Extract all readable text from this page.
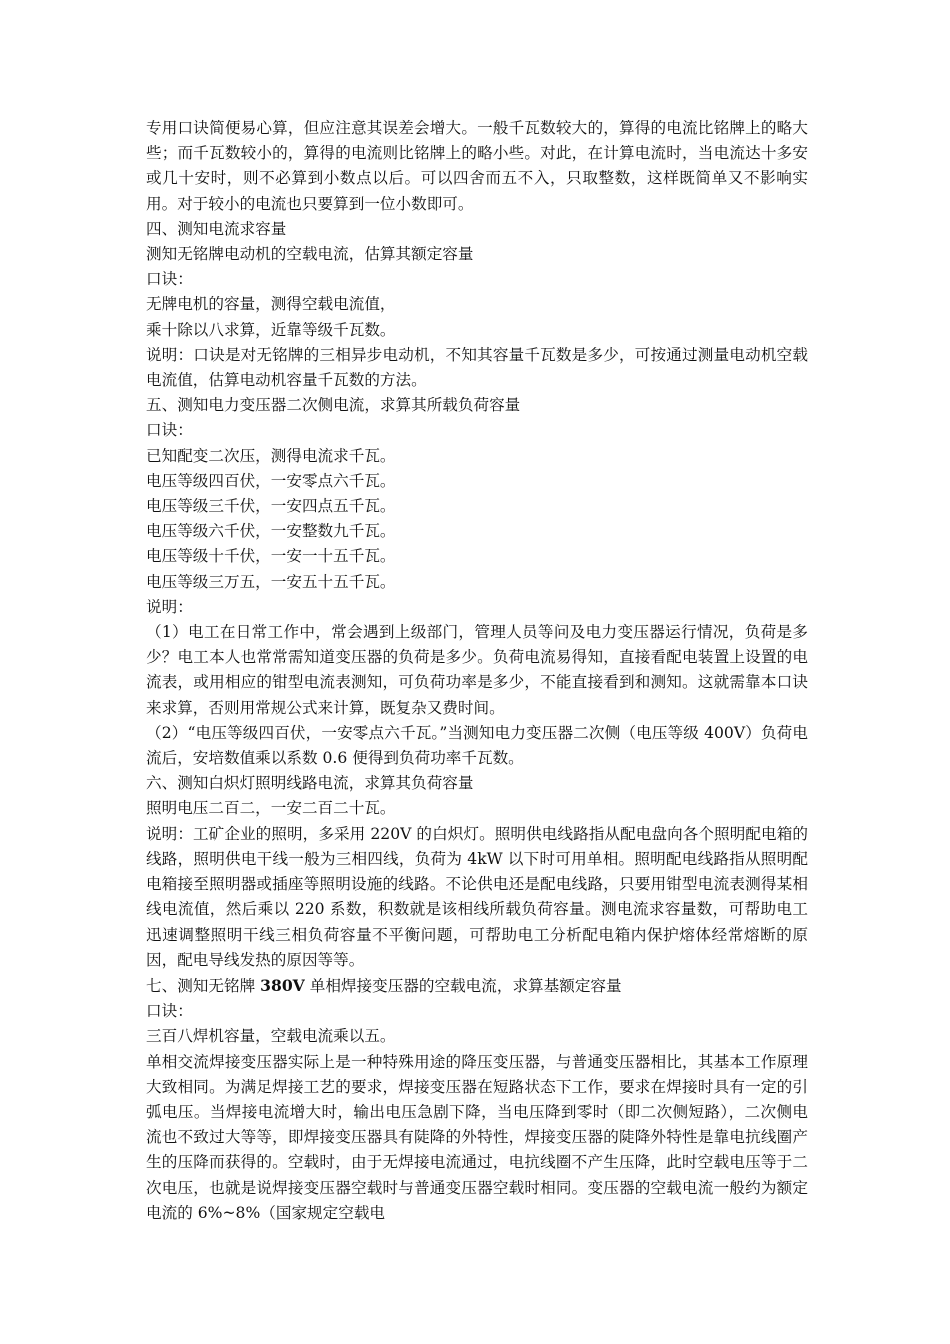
专用口诀简便易心算，但应注意其误差会增大。一般千瓦数较大的，算得的电流比铭牌上的略大些；而千瓦数较小的，算得的电流则比铭牌上的略小些。对此，在计算电流时，当电流达十多安或几十安时，则不必算到小数点以后。可以四舍而五不入，只取整数，这样既简单又不影响实用。对于较小的电流也只要算到一位小数即可。

四、测知电流求容量

测知无铭牌电动机的空载电流，估算其额定容量

口诀：

无牌电机的容量，测得空载电流值，

乘十除以八求算，近靠等级千瓦数。

说明：口诀是对无铭牌的三相异步电动机，不知其容量千瓦数是多少，可按通过测量电动机空载电流值，估算电动机容量千瓦数的方法。

五、测知电力变压器二次侧电流，求算其所载负荷容量

口诀：

已知配变二次压，测得电流求千瓦。

电压等级四百伏，一安零点六千瓦。

电压等级三千伏，一安四点五千瓦。

电压等级六千伏，一安整数九千瓦。

电压等级十千伏，一安一十五千瓦。

电压等级三万五，一安五十五千瓦。

说明：

（1）电工在日常工作中，常会遇到上级部门，管理人员等问及电力变压器运行情况，负荷是多少？电工本人也常常需知道变压器的负荷是多少。负荷电流易得知，直接看配电装置上设置的电流表，或用相应的钳型电流表测知，可负荷功率是多少，不能直接看到和测知。这就需靠本口诀来求算，否则用常规公式来计算，既复杂又费时间。

（2）“电压等级四百伏，一安零点六千瓦。”当测知电力变压器二次侧（电压等级 400V）负荷电流后，安培数值乘以系数 0.6 便得到负荷功率千瓦数。

六、测知白炽灯照明线路电流，求算其负荷容量

照明电压二百二，一安二百二十瓦。

说明：工矿企业的照明，多采用 220V 的白炽灯。照明供电线路指从配电盘向各个照明配电箱的线路，照明供电干线一般为三相四线，负荷为 4kW 以下时可用单相。照明配电线路指从照明配电箱接至照明器或插座等照明设施的线路。不论供电还是配电线路，只要用钳型电流表测得某相线电流值，然后乘以 220 系数，积数就是该相线所载负荷容量。测电流求容量数，可帮助电工迅速调整照明干线三相负荷容量不平衡问题，可帮助电工分析配电箱内保护熔体经常熔断的原因，配电导线发热的原因等等。

七、测知无铭牌 380V 单相焊接变压器的空载电流，求算基额定容量

口诀：

三百八焊机容量，空载电流乘以五。

单相交流焊接变压器实际上是一种特殊用途的降压变压器，与普通变压器相比，其基本工作原理大致相同。为满足焊接工艺的要求，焊接变压器在短路状态下工作，要求在焊接时具有一定的引弧电压。当焊接电流增大时，输出电压急剧下降，当电压降到零时（即二次侧短路），二次侧电流也不致过大等等，即焊接变压器具有陡降的外特性，焊接变压器的陡降外特性是靠电抗线圈产生的压降而获得的。空载时，由于无焊接电流通过，电抗线圈不产生压降，此时空载电压等于二次电压，也就是说焊接变压器空载时与普通变压器空载时相同。变压器的空载电流一般约为额定电流的 6%~8%（国家规定空载电
